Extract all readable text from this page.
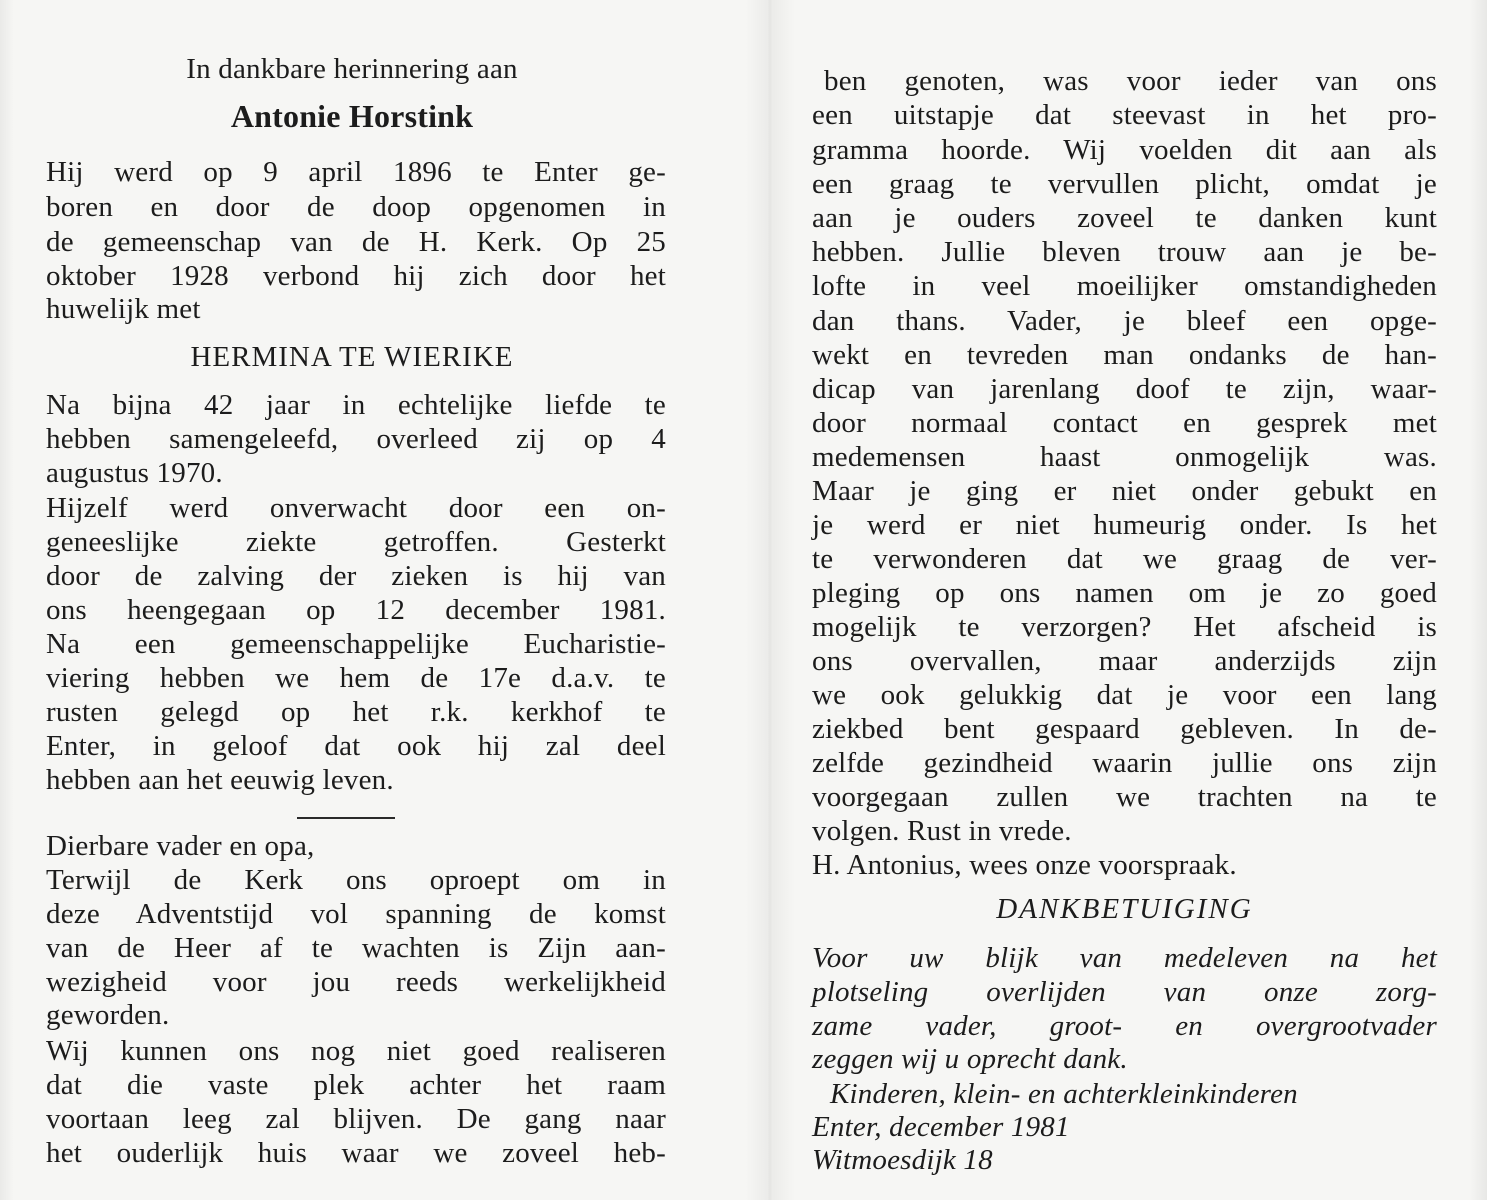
In dankbare herinnering aan
Antonie Horstink
Hij werd op 9 april 1896 te Enter ge-
boren en door de doop opgenomen in
de gemeenschap van de H. Kerk. Op 25
oktober 1928 verbond hij zich door het
huwelijk met
HERMINA TE WIERIKE
Na bijna 42 jaar in echtelijke liefde te
hebben samengeleefd, overleed zij op 4
augustus 1970.
Hijzelf werd onverwacht door een on-
geneeslijke ziekte getroffen. Gesterkt
door de zalving der zieken is hij van
ons heengegaan op 12 december 1981.
Na een gemeenschappelijke Eucharistie-
viering hebben we hem de 17e d.a.v. te
rusten gelegd op het r.k. kerkhof te
Enter, in geloof dat ook hij zal deel
hebben aan het eeuwig leven.
Dierbare vader en opa,
Terwijl de Kerk ons oproept om in
deze Adventstijd vol spanning de komst
van de Heer af te wachten is Zijn aan-
wezigheid voor jou reeds werkelijkheid
geworden.
Wij kunnen ons nog niet goed realiseren
dat die vaste plek achter het raam
voortaan leeg zal blijven. De gang naar
het ouderlijk huis waar we zoveel heb-
ben genoten, was voor ieder van ons
een uitstapje dat steevast in het pro-
gramma hoorde. Wij voelden dit aan als
een graag te vervullen plicht, omdat je
aan je ouders zoveel te danken kunt
hebben. Jullie bleven trouw aan je be-
lofte in veel moeilijker omstandigheden
dan thans. Vader, je bleef een opge-
wekt en tevreden man ondanks de han-
dicap van jarenlang doof te zijn, waar-
door normaal contact en gesprek met
medemensen haast onmogelijk was.
Maar je ging er niet onder gebukt en
je werd er niet humeurig onder. Is het
te verwonderen dat we graag de ver-
pleging op ons namen om je zo goed
mogelijk te verzorgen? Het afscheid is
ons overvallen, maar anderzijds zijn
we ook gelukkig dat je voor een lang
ziekbed bent gespaard gebleven. In de-
zelfde gezindheid waarin jullie ons zijn
voorgegaan zullen we trachten na te
volgen. Rust in vrede.
H. Antonius, wees onze voorspraak.
DANKBETUIGING
Voor uw blijk van medeleven na het
plotseling overlijden van onze zorg-
zame vader, groot- en overgrootvader
zeggen wij u oprecht dank.
Kinderen, klein- en achterkleinkinderen
Enter, december 1981
Witmoesdijk 18
